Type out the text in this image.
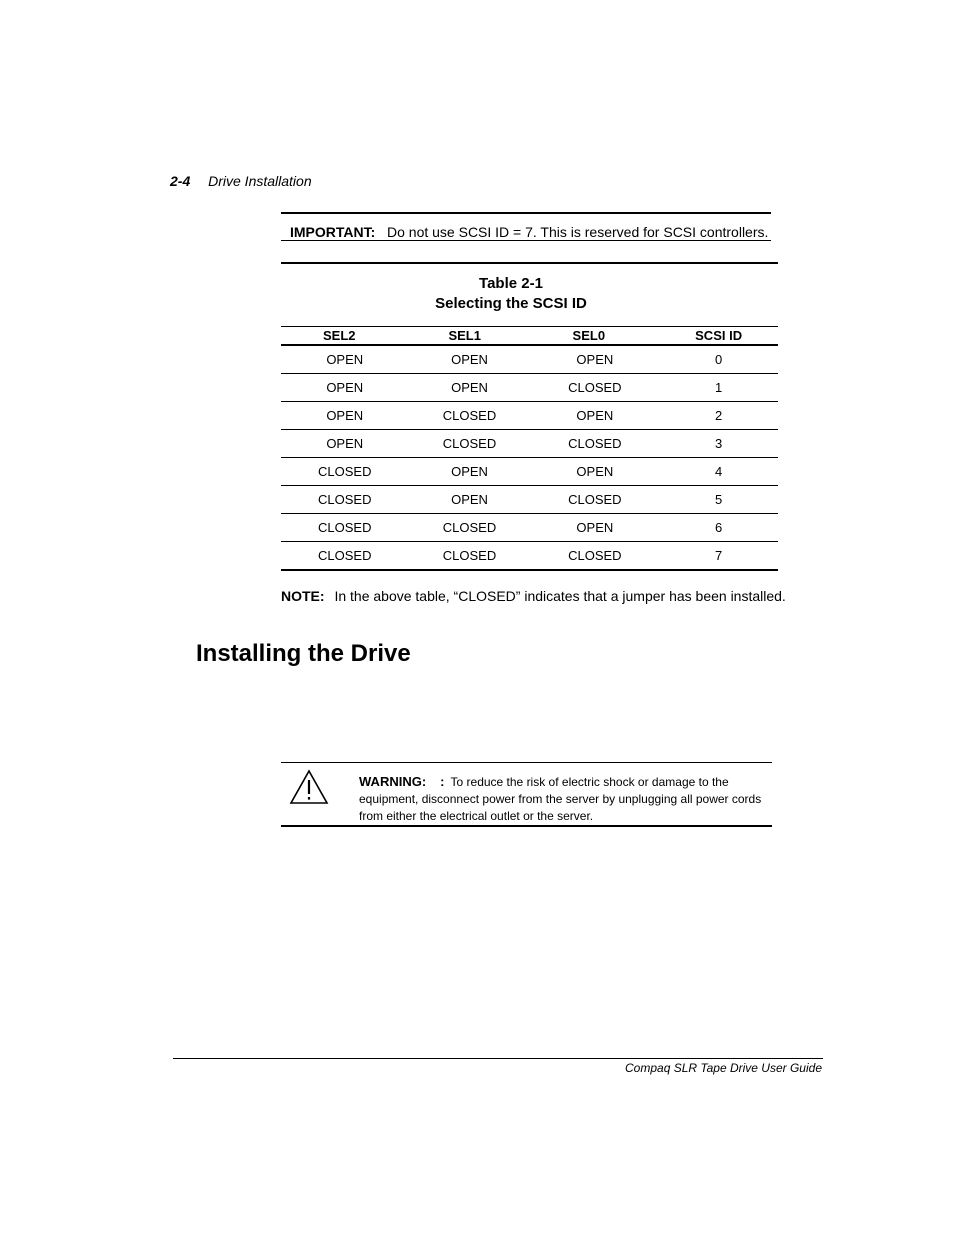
2-4 Drive Installation
IMPORTANT: Do not use SCSI ID = 7. This is reserved for SCSI controllers.
Table 2-1
Selecting the SCSI ID
SEL2	SEL1	SEL0	SCSI ID
OPEN	OPEN	OPEN	0
OPEN	OPEN	CLOSED	1
OPEN	CLOSED	OPEN	2
OPEN	CLOSED	CLOSED	3
CLOSED	OPEN	OPEN	4
CLOSED	OPEN	CLOSED	5
CLOSED	CLOSED	OPEN	6
CLOSED	CLOSED	CLOSED	7
NOTE: In the above table, “CLOSED” indicates that a jumper has been installed.
Installing the Drive
WARNING: : To reduce the risk of electric shock or damage to the equipment, disconnect power from the server by unplugging all power cords from either the electrical outlet or the server.
Compaq SLR Tape Drive User Guide
